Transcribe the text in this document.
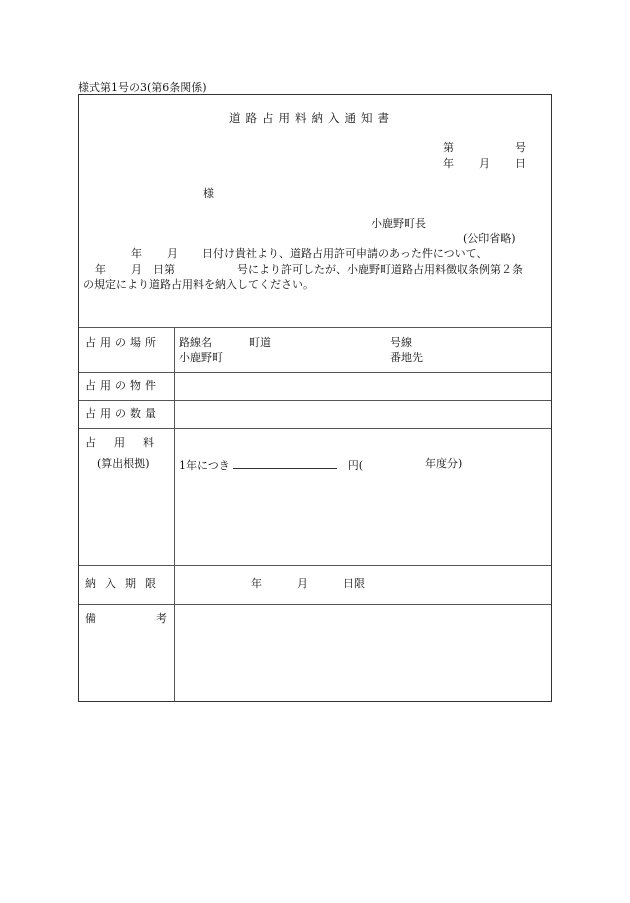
様式第1号の3(第6条関係)
道路占用料納入通知書
第	号
年 月 日
様
小鹿野町長
(公印省略)
年 月 日付け貴社より、道路占用許可申請のあった件について、
年 月 日第	号により許可したが、小鹿野町道路占用料徴収条例第２条
の規定により道路占用料を納入してください。
占用の場所 路線名	町道	号線
小鹿野町	番地先
占用の物件
占用の数量
占用料
(算出根拠)	1年につき	円(	年度分)
納入期限	年	月	日限
備考
